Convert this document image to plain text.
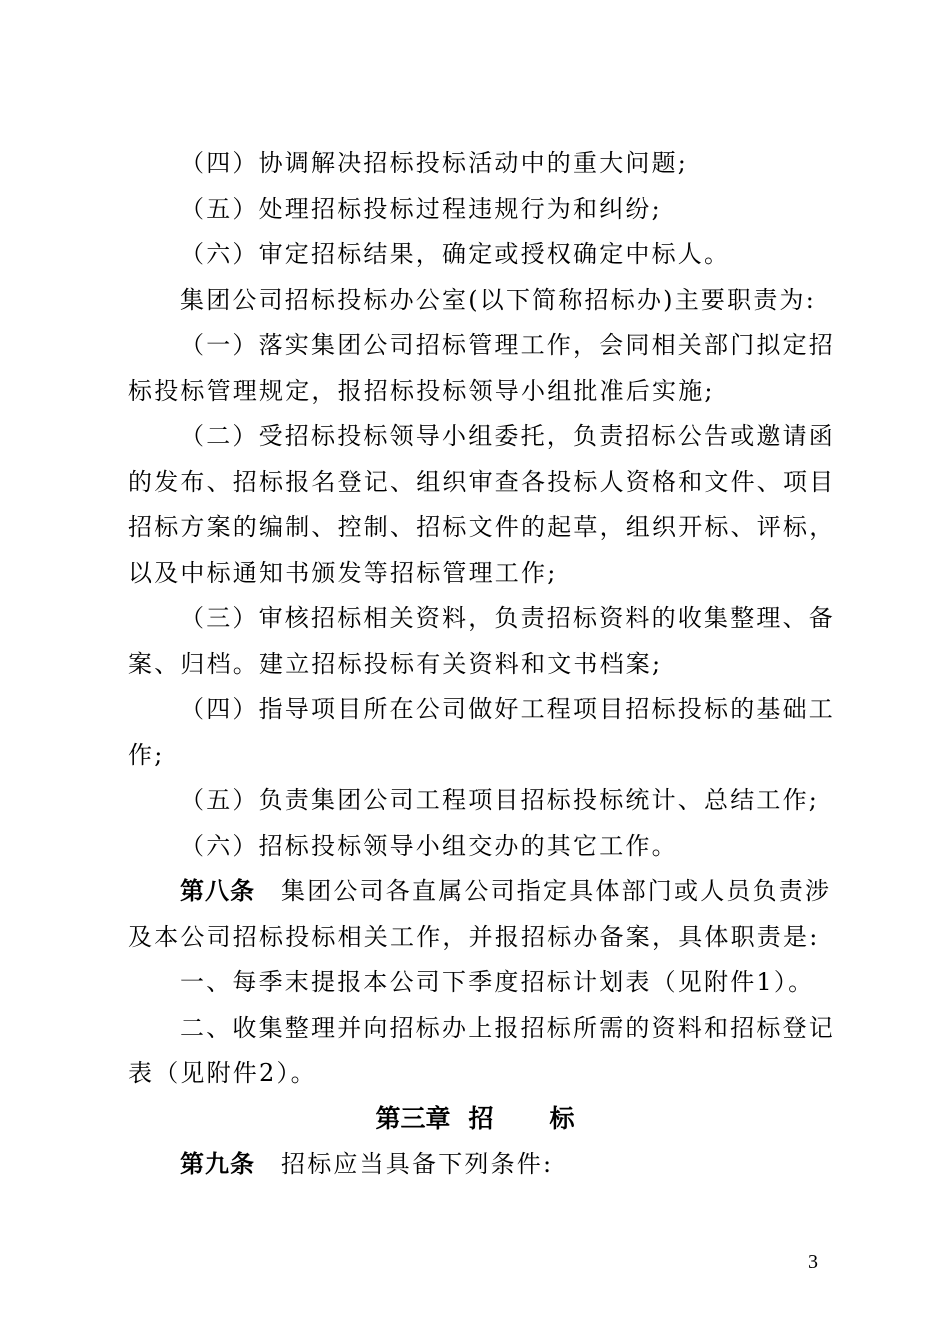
（四）协调解决招标投标活动中的重大问题;
（五）处理招标投标过程违规行为和纠纷;
（六）审定招标结果，确定或授权确定中标人。
集团公司招标投标办公室(以下简称招标办)主要职责为:
（一）落实集团公司招标管理工作，会同相关部门拟定招
标投标管理规定，报招标投标领导小组批准后实施;
（二）受招标投标领导小组委托，负责招标公告或邀请函
的发布、招标报名登记、组织审查各投标人资格和文件、项目
招标方案的编制、控制、招标文件的起草，组织开标、评标，
以及中标通知书颁发等招标管理工作;
（三）审核招标相关资料，负责招标资料的收集整理、备
案、归档。建立招标投标有关资料和文书档案;
（四）指导项目所在公司做好工程项目招标投标的基础工
作;
（五）负责集团公司工程项目招标投标统计、总结工作;
（六）招标投标领导小组交办的其它工作。
第八条 集团公司各直属公司指定具体部门或人员负责涉
及本公司招标投标相关工作，并报招标办备案，具体职责是:
一、每季末提报本公司下季度招标计划表（见附件1）。
二、收集整理并向招标办上报招标所需的资料和招标登记
表（见附件2）。
第三章 招 标
第九条 招标应当具备下列条件:
3
